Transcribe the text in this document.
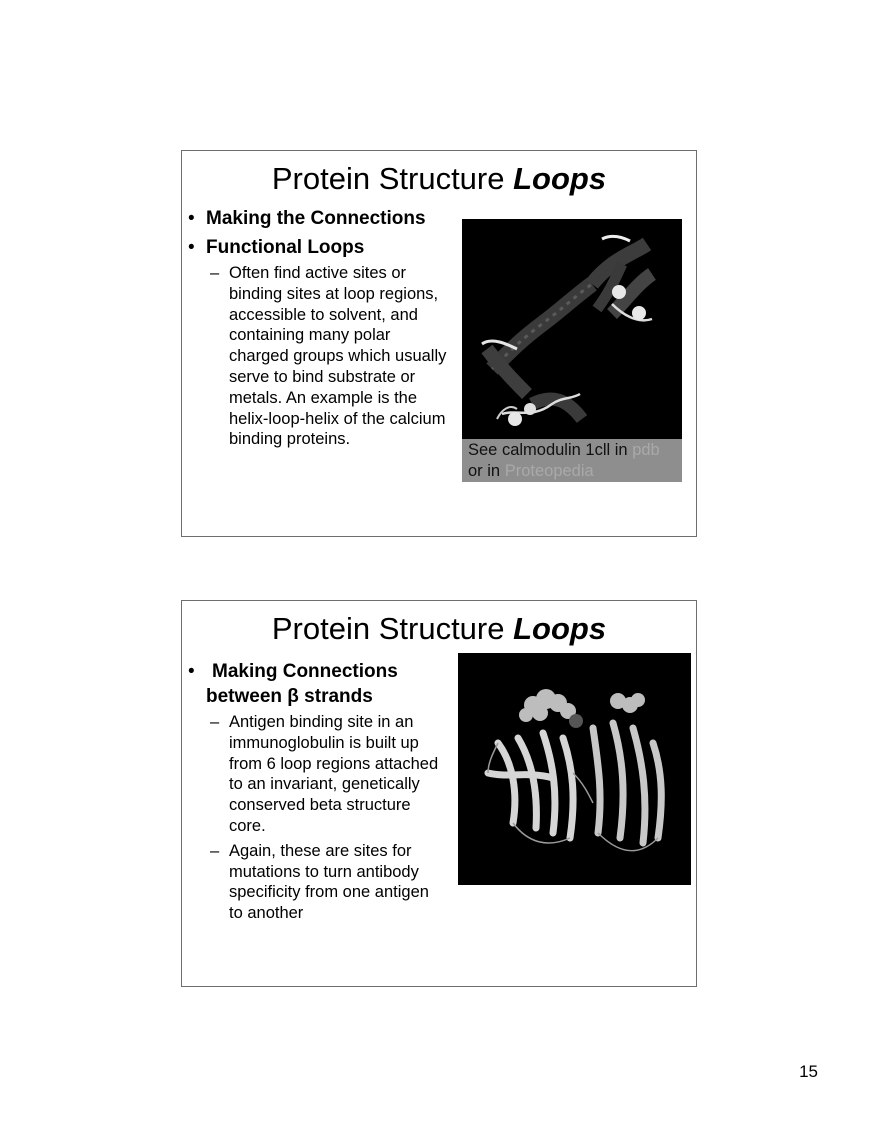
Protein Structure Loops
• Making the Connections
• Functional Loops
– Often find active sites or binding sites at loop regions, accessible to solvent, and containing many polar charged groups which usually serve to bind substrate or metals. An example is the helix-loop-helix of the calcium binding proteins.
See calmodulin 1cll in pdb
or in Proteopedia
Protein Structure Loops
• Making Connections
between β strands
– Antigen binding site in an immunoglobulin is built up from 6 loop regions attached to an invariant, genetically conserved beta structure core.
– Again, these are sites for mutations to turn antibody specificity from one antigen to another
15
